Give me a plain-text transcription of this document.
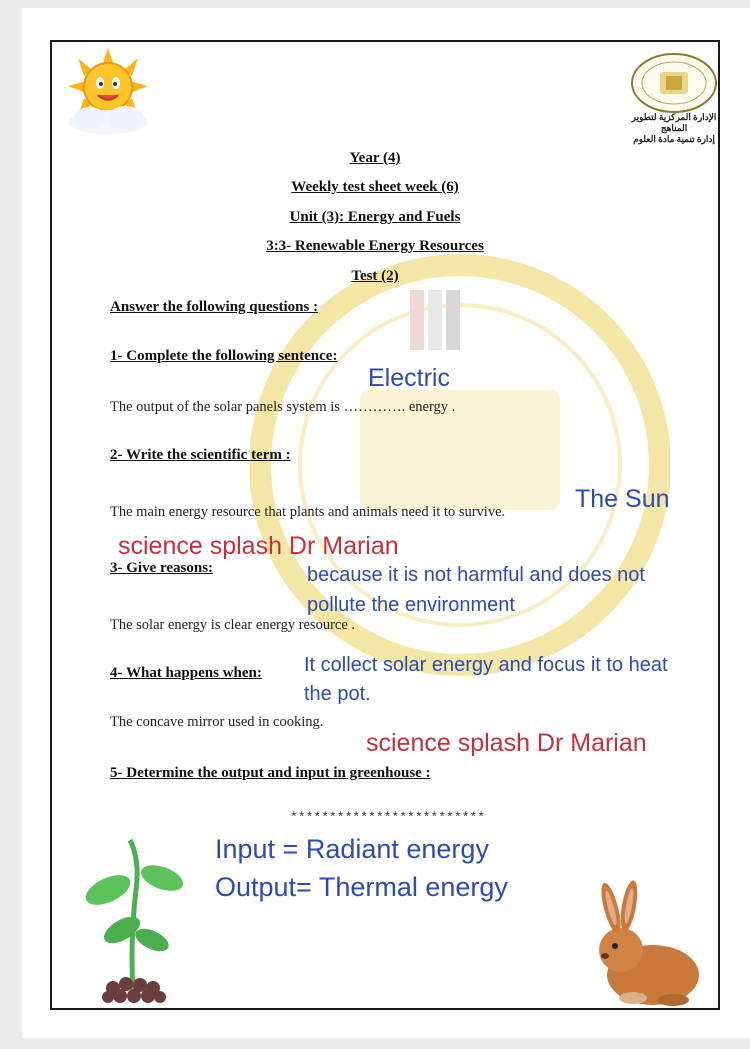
الإدارة المركزية لتطوير المناهج
إدارة تنمية مادة العلوم
Year (4)
Weekly test sheet week (6)
Unit (3): Energy and Fuels
3:3- Renewable Energy Resources
Test (2)
Answer the following questions :
1- Complete the following sentence:
Electric
The output of the solar panels system is …………. energy .
2- Write the scientific term :
The main energy resource that plants and animals need it to survive.	The Sun
science splash Dr Marian
3- Give reasons:	because it is not harmful and does not
pollute the environment
The solar energy is clear energy resource .
4- What happens when: It collect solar energy and focus it to heat
the pot.
The concave mirror used in cooking.
science splash Dr Marian
5- Determine the output and input in greenhouse :
*************************
Input = Radiant energy
Output= Thermal energy
